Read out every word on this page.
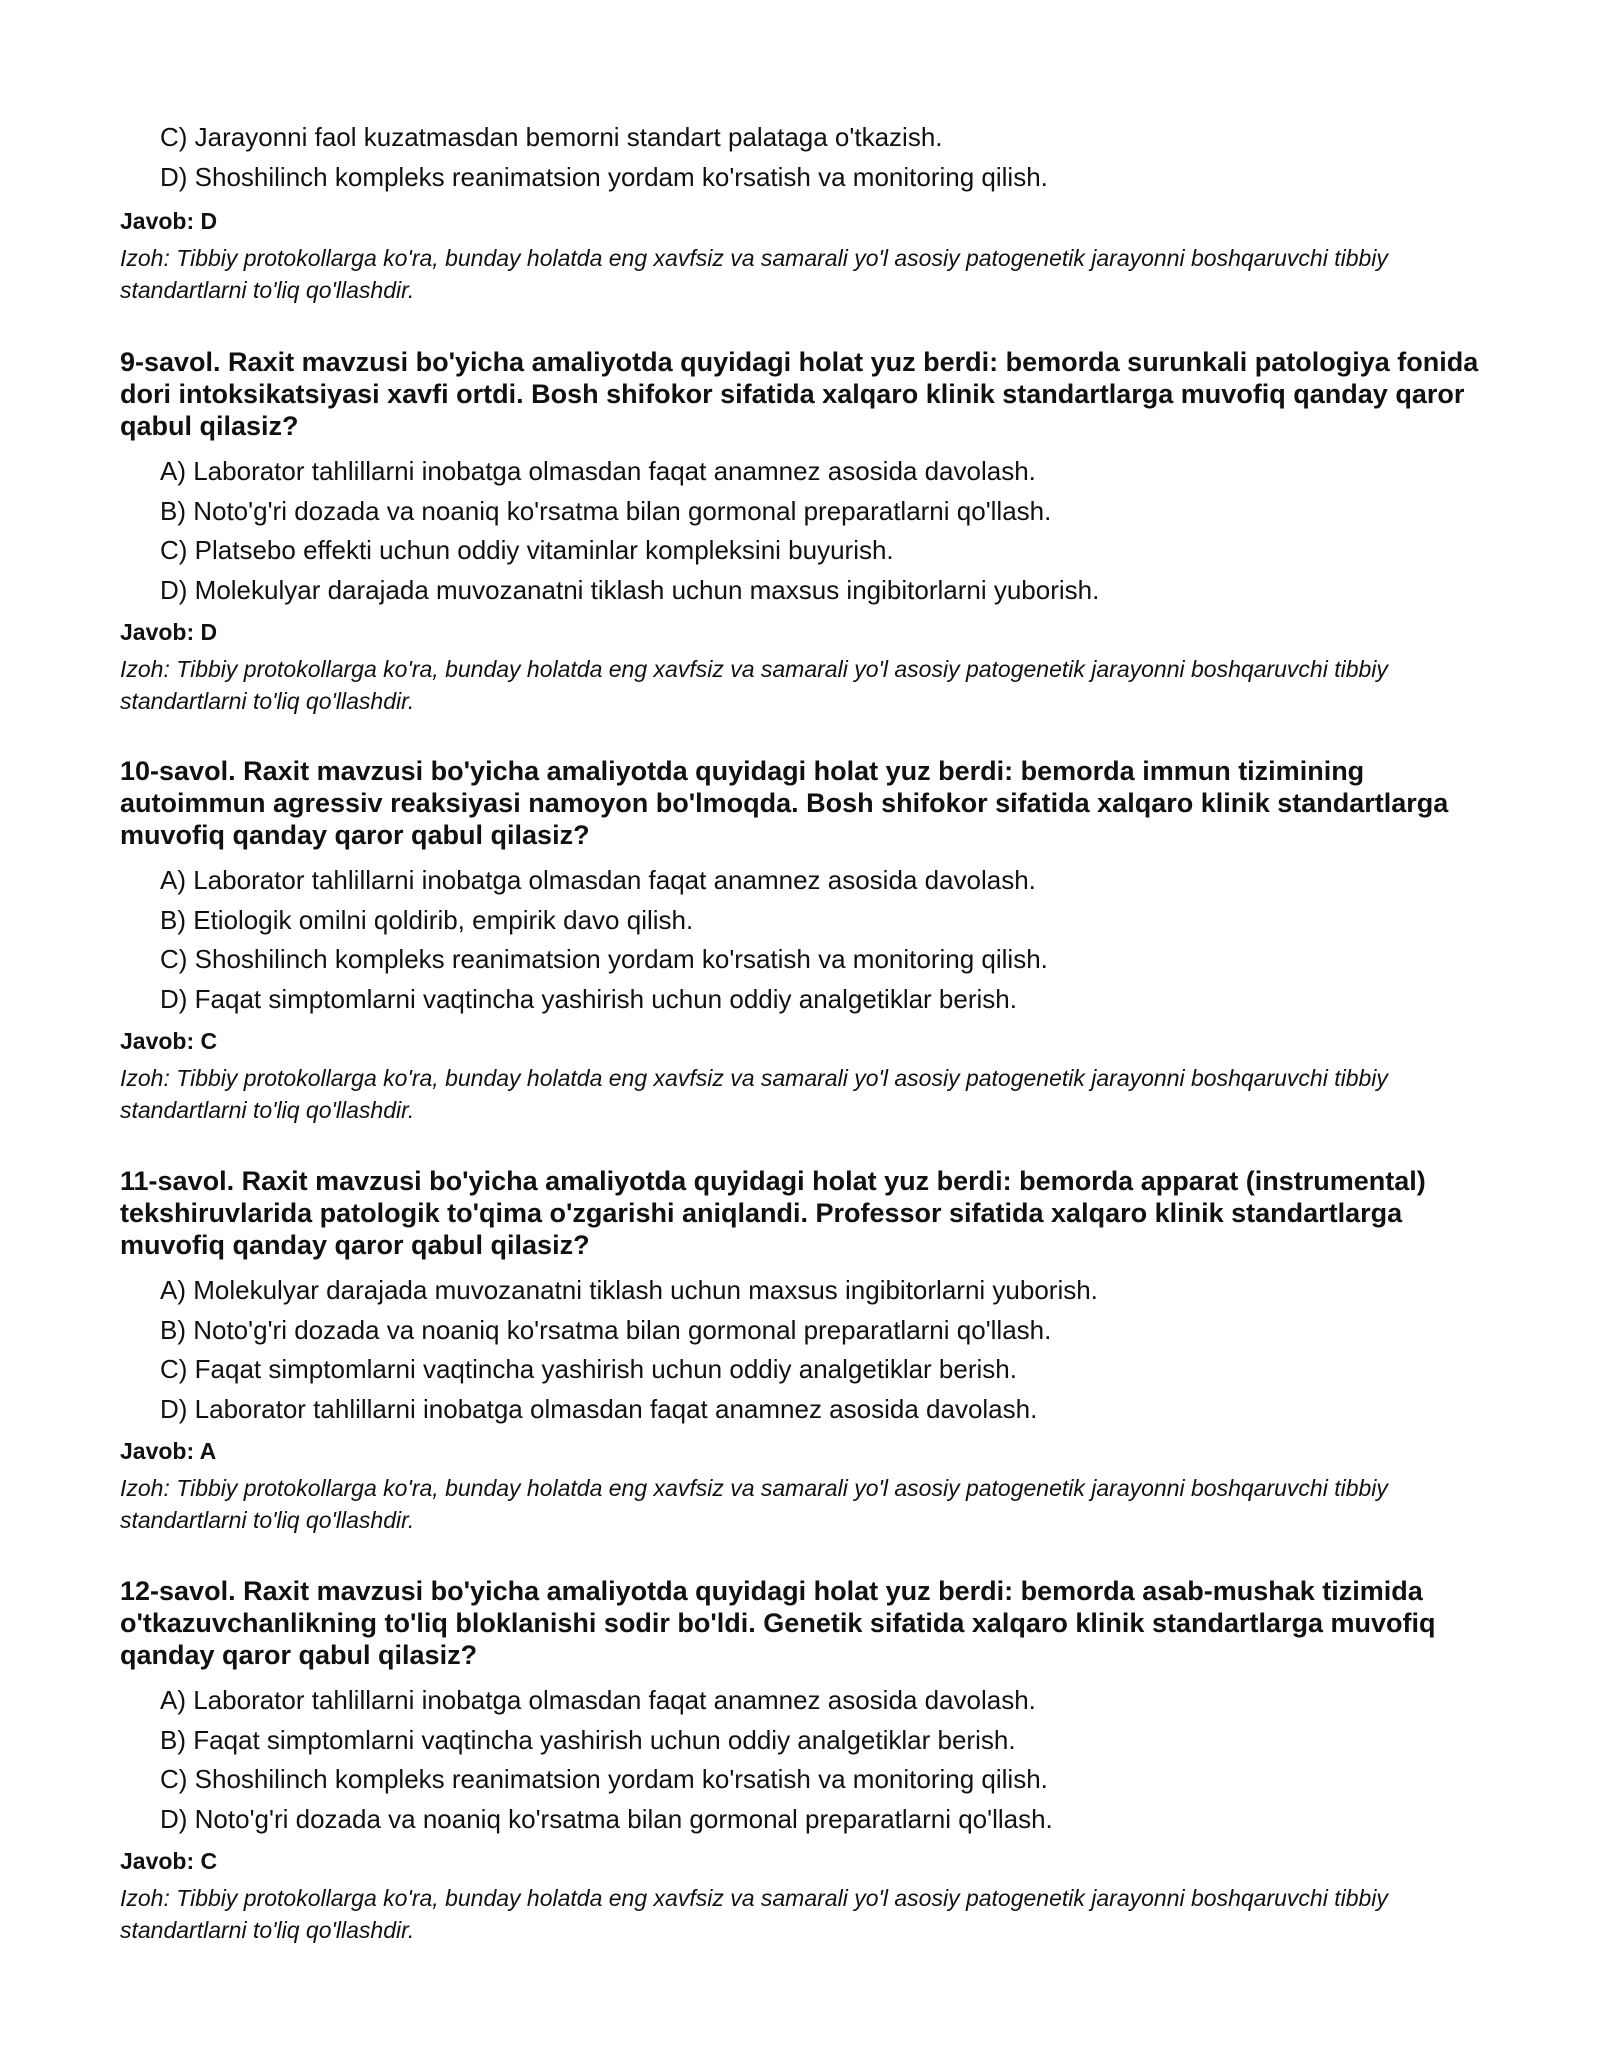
C) Jarayonni faol kuzatmasdan bemorni standart palataga o'tkazish.
D) Shoshilinch kompleks reanimatsion yordam ko'rsatish va monitoring qilish.

Javob: D

Izoh: Tibbiy protokollarga ko'ra, bunday holatda eng xavfsiz va samarali yo'l asosiy patogenetik jarayonni boshqaruvchi tibbiy standartlarni to'liq qo'llashdir.

9-savol. Raxit mavzusi bo'yicha amaliyotda quyidagi holat yuz berdi: bemorda surunkali patologiya fonida dori intoksikatsiyasi xavfi ortdi. Bosh shifokor sifatida xalqaro klinik standartlarga muvofiq qanday qaror qabul qilasiz?

A) Laborator tahlillarni inobatga olmasdan faqat anamnez asosida davolash.
B) Noto'g'ri dozada va noaniq ko'rsatma bilan gormonal preparatlarni qo'llash.
C) Platsebo effekti uchun oddiy vitaminlar kompleksini buyurish.
D) Molekulyar darajada muvozanatni tiklash uchun maxsus ingibitorlarni yuborish.

Javob: D

Izoh: Tibbiy protokollarga ko'ra, bunday holatda eng xavfsiz va samarali yo'l asosiy patogenetik jarayonni boshqaruvchi tibbiy standartlarni to'liq qo'llashdir.

10-savol. Raxit mavzusi bo'yicha amaliyotda quyidagi holat yuz berdi: bemorda immun tizimining autoimmun agressiv reaksiyasi namoyon bo'lmoqda. Bosh shifokor sifatida xalqaro klinik standartlarga muvofiq qanday qaror qabul qilasiz?

A) Laborator tahlillarni inobatga olmasdan faqat anamnez asosida davolash.
B) Etiologik omilni qoldirib, empirik davo qilish.
C) Shoshilinch kompleks reanimatsion yordam ko'rsatish va monitoring qilish.
D) Faqat simptomlarni vaqtincha yashirish uchun oddiy analgetiklar berish.

Javob: C

Izoh: Tibbiy protokollarga ko'ra, bunday holatda eng xavfsiz va samarali yo'l asosiy patogenetik jarayonni boshqaruvchi tibbiy standartlarni to'liq qo'llashdir.

11-savol. Raxit mavzusi bo'yicha amaliyotda quyidagi holat yuz berdi: bemorda apparat (instrumental) tekshiruvlarida patologik to'qima o'zgarishi aniqlandi. Professor sifatida xalqaro klinik standartlarga muvofiq qanday qaror qabul qilasiz?

A) Molekulyar darajada muvozanatni tiklash uchun maxsus ingibitorlarni yuborish.
B) Noto'g'ri dozada va noaniq ko'rsatma bilan gormonal preparatlarni qo'llash.
C) Faqat simptomlarni vaqtincha yashirish uchun oddiy analgetiklar berish.
D) Laborator tahlillarni inobatga olmasdan faqat anamnez asosida davolash.

Javob: A

Izoh: Tibbiy protokollarga ko'ra, bunday holatda eng xavfsiz va samarali yo'l asosiy patogenetik jarayonni boshqaruvchi tibbiy standartlarni to'liq qo'llashdir.

12-savol. Raxit mavzusi bo'yicha amaliyotda quyidagi holat yuz berdi: bemorda asab-mushak tizimida o'tkazuvchanlikning to'liq bloklanishi sodir bo'ldi. Genetik sifatida xalqaro klinik standartlarga muvofiq qanday qaror qabul qilasiz?

A) Laborator tahlillarni inobatga olmasdan faqat anamnez asosida davolash.
B) Faqat simptomlarni vaqtincha yashirish uchun oddiy analgetiklar berish.
C) Shoshilinch kompleks reanimatsion yordam ko'rsatish va monitoring qilish.
D) Noto'g'ri dozada va noaniq ko'rsatma bilan gormonal preparatlarni qo'llash.

Javob: C

Izoh: Tibbiy protokollarga ko'ra, bunday holatda eng xavfsiz va samarali yo'l asosiy patogenetik jarayonni boshqaruvchi tibbiy standartlarni to'liq qo'llashdir.
